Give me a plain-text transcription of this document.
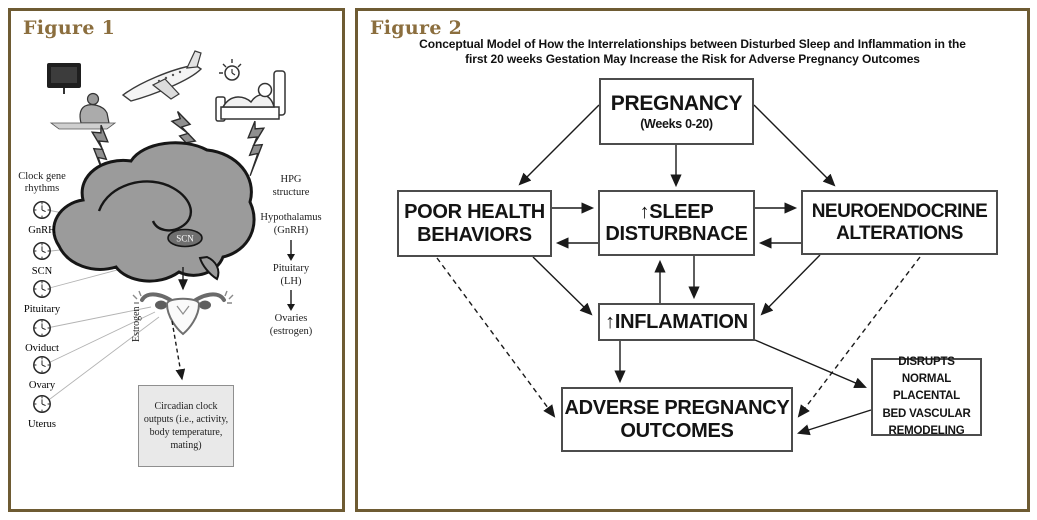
Figure 1
SCN
Estrogen
Clock gene
rhythms
GnRH
SCN
Pituitary
Oviduct
Ovary
Uterus
HPG
structure
Hypothalamus
(GnRH)
Pituitary
(LH)
Ovaries
(estrogen)
Circadian clock outputs (i.e., activity, body temperature, mating)
Figure 2
Conceptual Model of How the Interrelationships between Disturbed Sleep and Inflammation in the
first 20 weeks Gestation May Increase the Risk for Adverse Pregnancy Outcomes
PREGNANCY
(Weeks 0-20)
POOR HEALTH
BEHAVIORS
↑SLEEP
DISTURBNACE
NEUROENDOCRINE
ALTERATIONS
↑INFLAMATION
ADVERSE PREGNANCY
OUTCOMES
DISRUPTS NORMAL
PLACENTAL
BED VASCULAR
REMODELING
